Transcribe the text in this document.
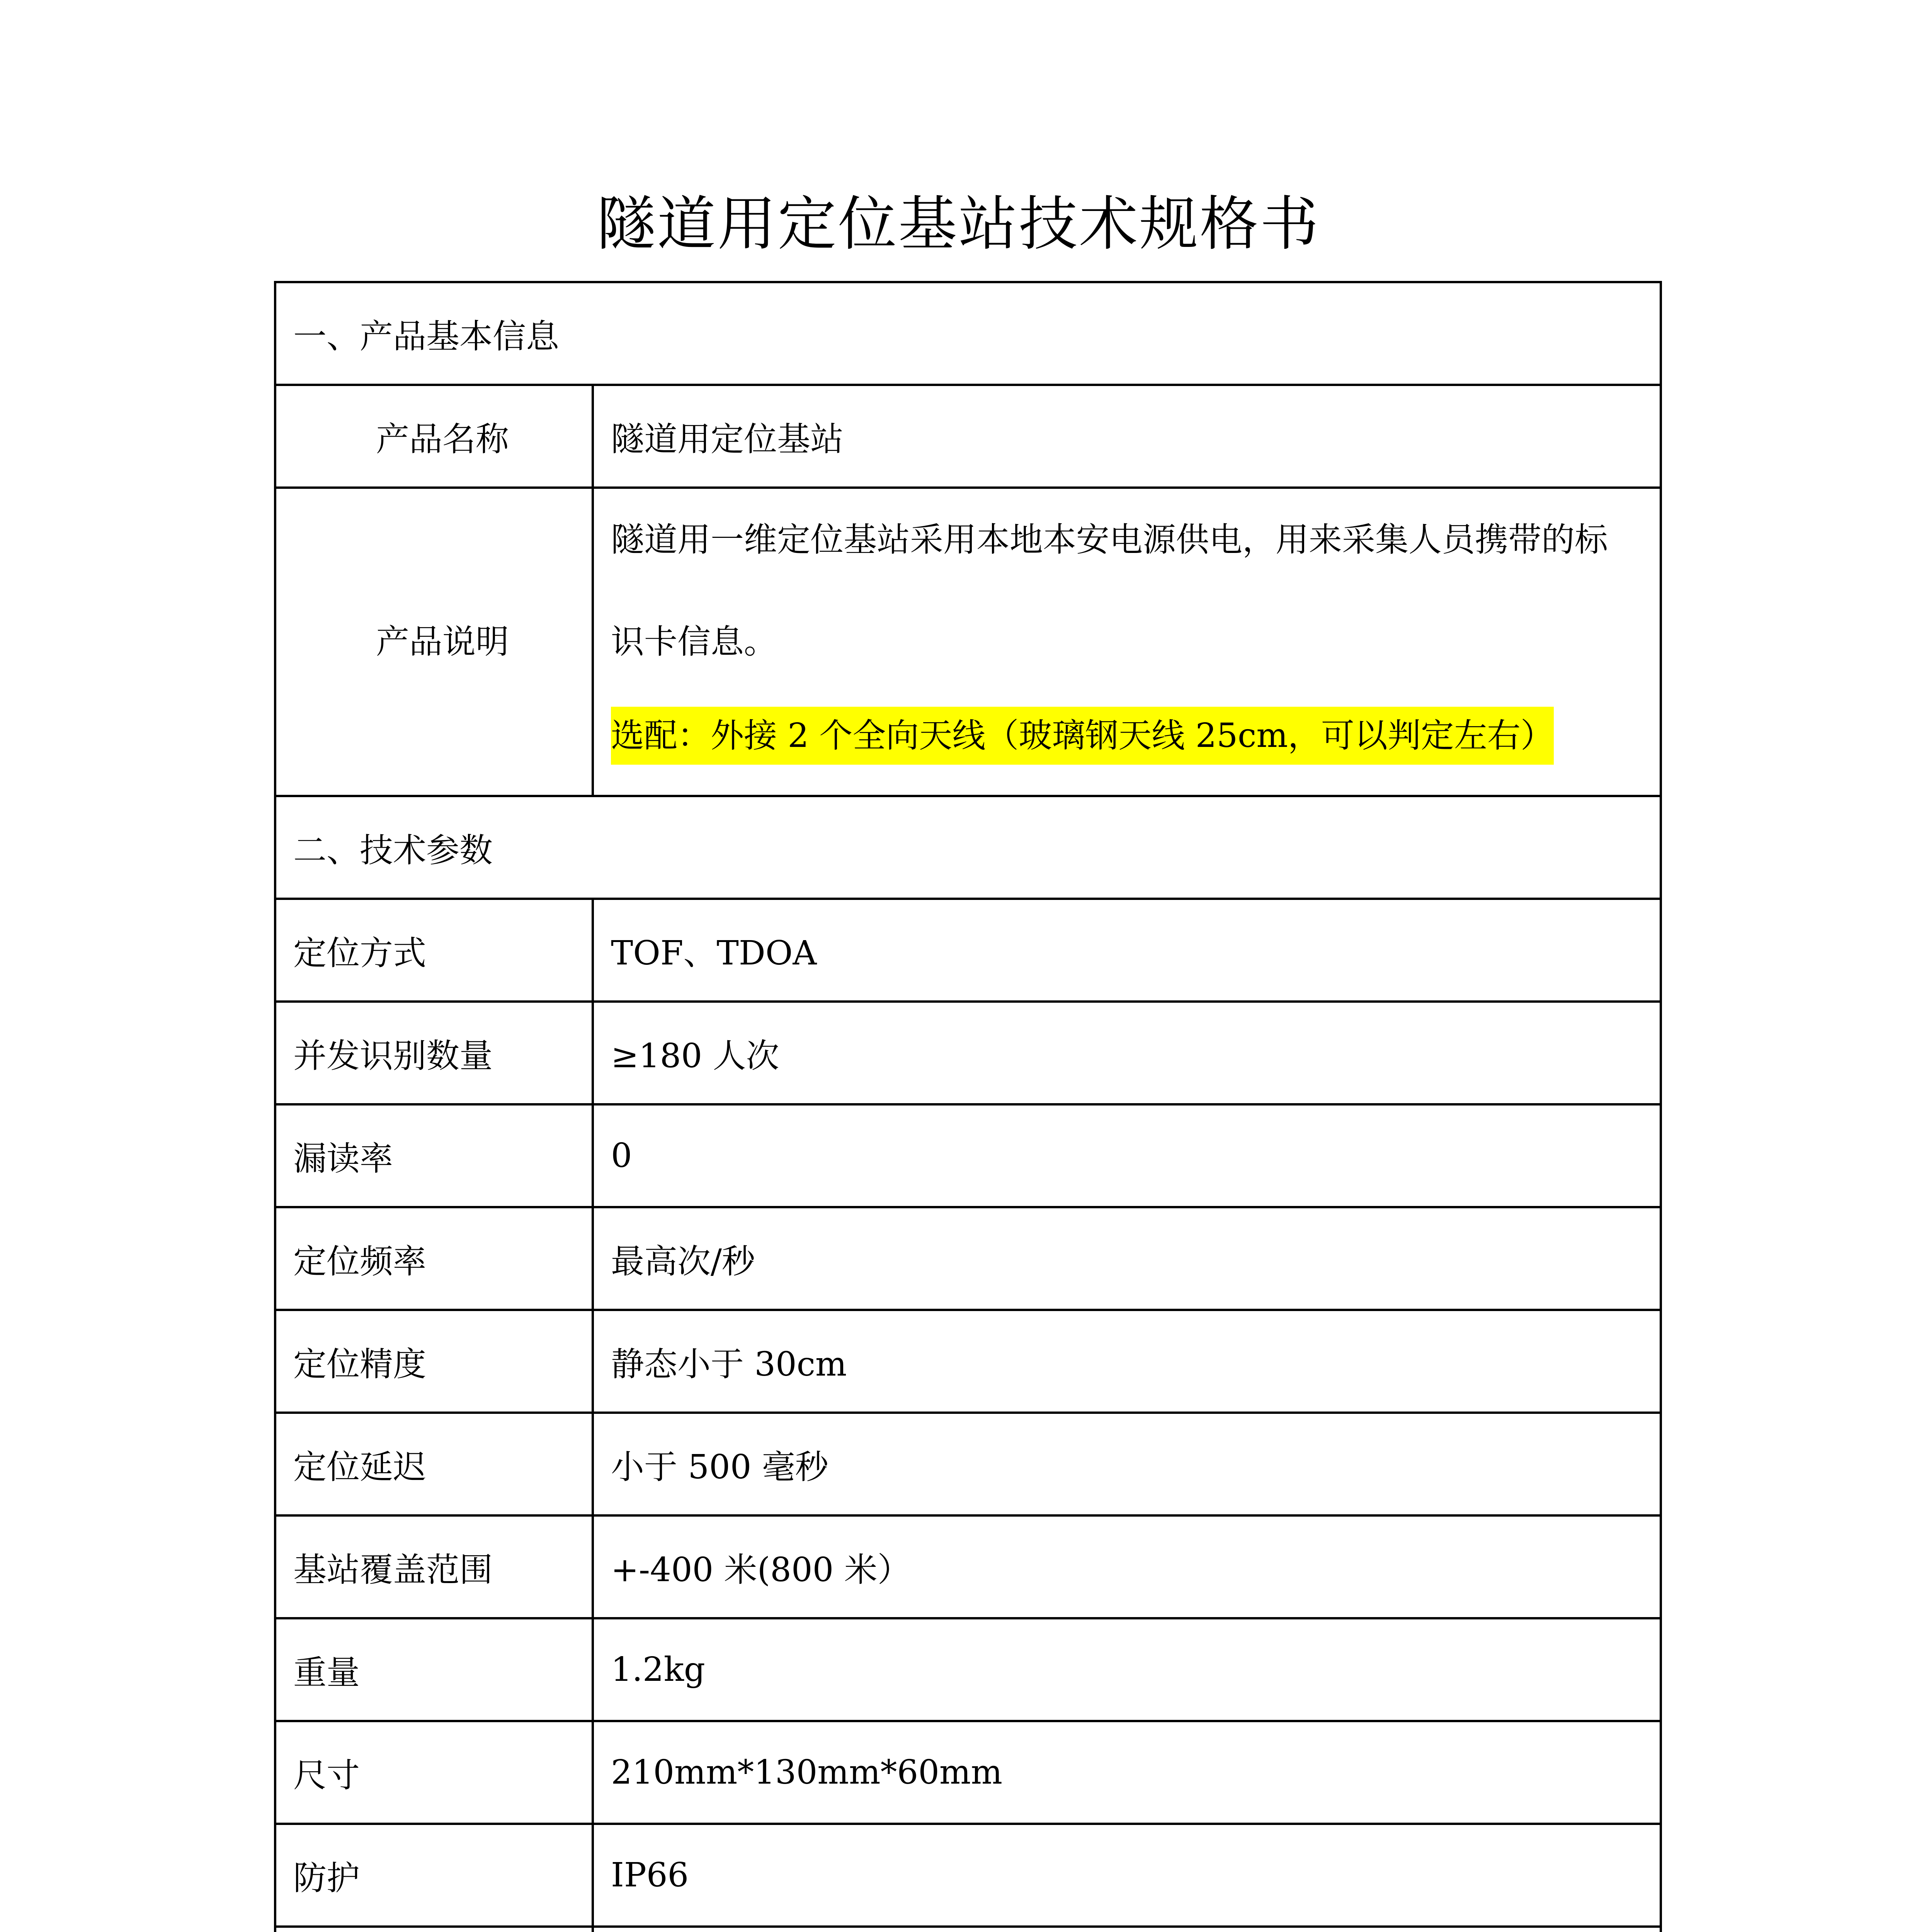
隧道用定位基站技术规格书
一、产品基本信息	
产品名称	隧道用定位基站
产品说明	隧道用一维定位基站采用本地本安电源供电，用来采集人员携带的标
识卡信息。
选配：外接 2 个全向天线（玻璃钢天线 25cm，可以判定左右）
二、技术参数	
定位方式	TOF、TDOA
并发识别数量	≥180 人次
漏读率	0
定位频率	最高次/秒
定位精度	静态小于 30cm
定位延迟	小于 500 毫秒
基站覆盖范围	+-400 米(800 米）
重量	1.2kg
尺寸	210mm*130mm*60mm
防护	IP66
